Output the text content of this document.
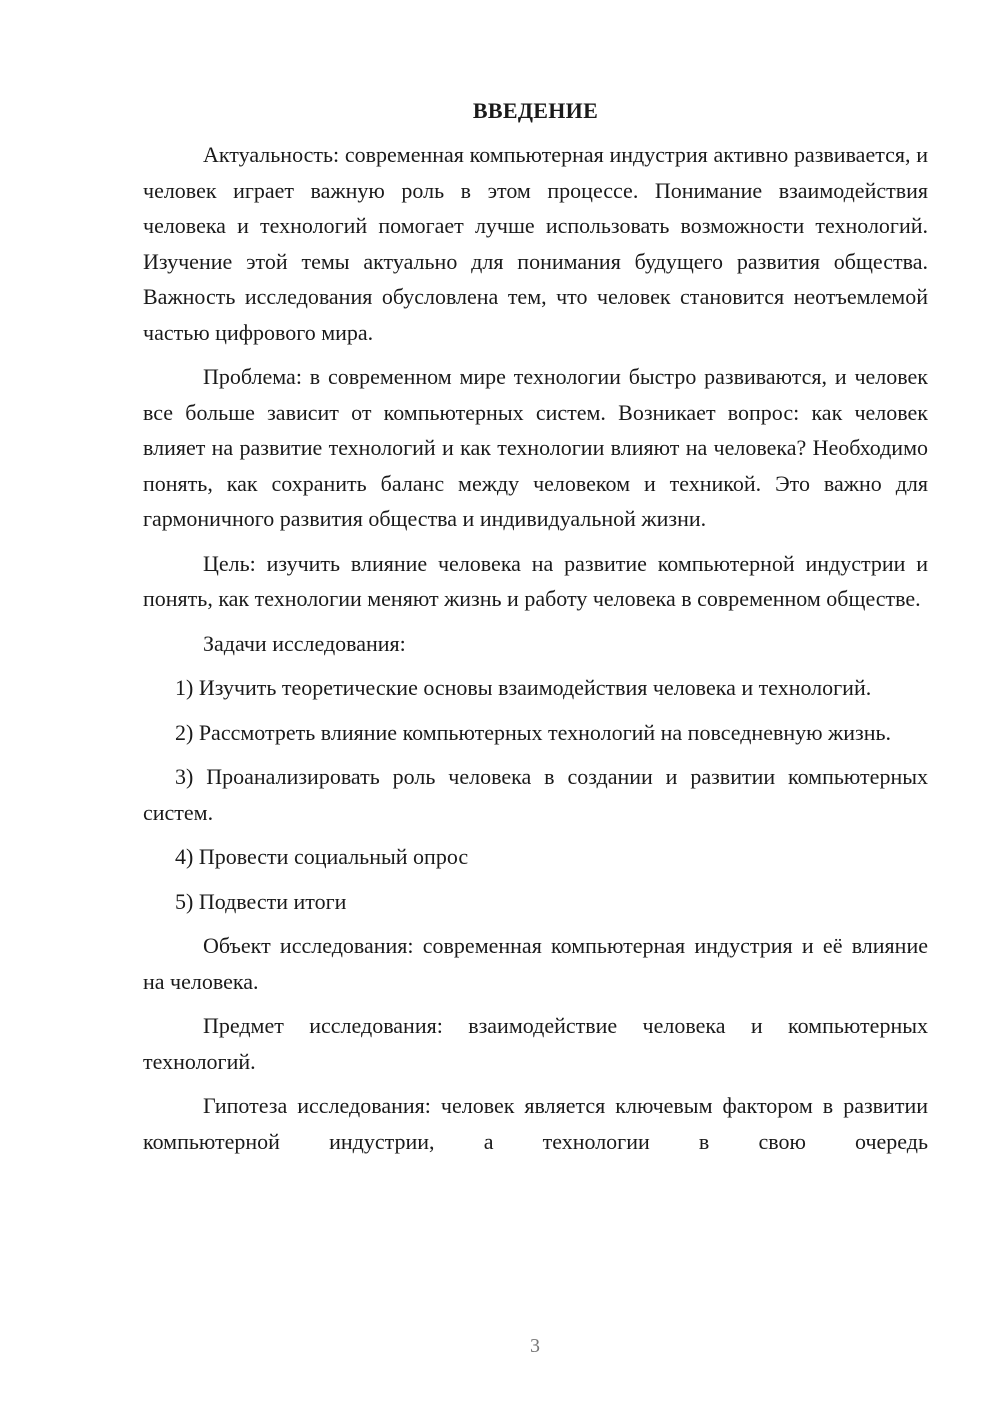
ВВЕДЕНИЕ

Актуальность: современная компьютерная индустрия активно развивается, и человек играет важную роль в этом процессе. Понимание взаимодействия человека и технологий помогает лучше использовать возможности технологий. Изучение этой темы актуально для понимания будущего развития общества. Важность исследования обусловлена тем, что человек становится неотъемлемой частью цифрового мира.

Проблема: в современном мире технологии быстро развиваются, и человек все больше зависит от компьютерных систем. Возникает вопрос: как человек влияет на развитие технологий и как технологии влияют на человека? Необходимо понять, как сохранить баланс между человеком и техникой. Это важно для гармоничного развития общества и индивидуальной жизни.

Цель: изучить влияние человека на развитие компьютерной индустрии и понять, как технологии меняют жизнь и работу человека в современном обществе.

Задачи исследования:

1) Изучить теоретические основы взаимодействия человека и технологий.

2) Рассмотреть влияние компьютерных технологий на повседневную жизнь.

3) Проанализировать роль человека в создании и развитии компьютерных систем.

4) Провести социальный опрос

5) Подвести итоги

Объект исследования: современная компьютерная индустрия и её влияние на человека.

Предмет исследования: взаимодействие человека и компьютерных технологий.

Гипотеза исследования: человек является ключевым фактором в развитии компьютерной индустрии, а технологии в свою очередь

3
